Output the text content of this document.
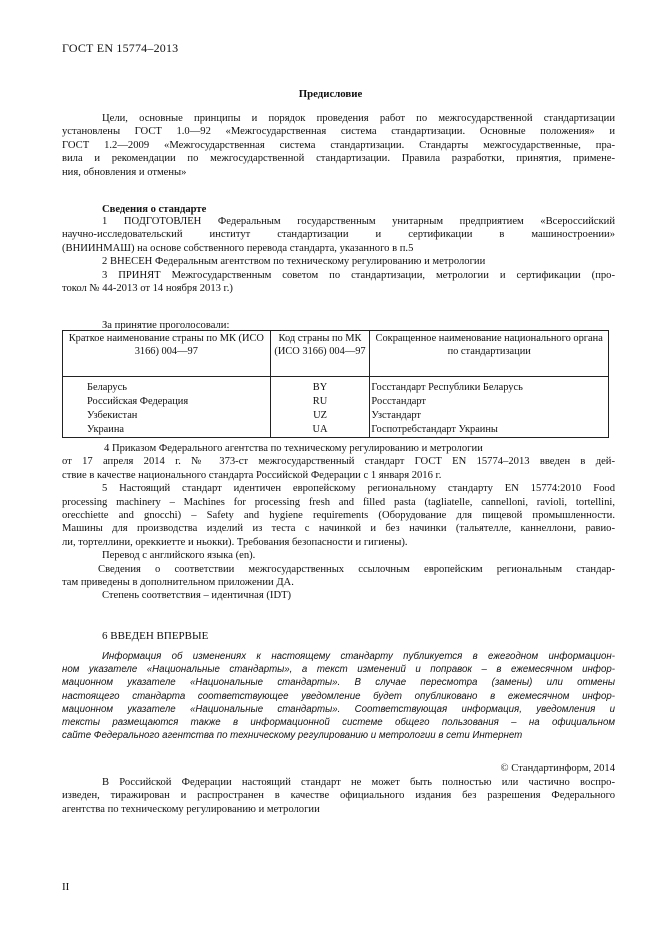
ГОСТ EN 15774–2013
Предисловие
Цели, основные принципы и порядок проведения работ по межгосударственной стандартизации
установлены ГОСТ 1.0—92 «Межгосударственная система стандартизации. Основные положения» и
ГОСТ 1.2—2009 «Межгосударственная система стандартизации. Стандарты межгосударственные, пра-
вила и рекомендации по межгосударственной стандартизации. Правила разработки, принятия, примене-
ния, обновления и отмены»
Сведения о стандарте
1 ПОДГОТОВЛЕН Федеральным государственным унитарным предприятием «Всероссийский
научно-исследовательский институт стандартизации и сертификации в машиностроении»
(ВНИИНМАШ) на основе собственного перевода стандарта, указанного в п.5
2 ВНЕСЕН Федеральным агентством по техническому регулированию и метрологии
3 ПРИНЯТ Межгосударственным советом по стандартизации, метрологии и сертификации (про-
токол № 44-2013 от 14 ноября 2013 г.)
За принятие проголосовали:
Краткое наименование страны по МК (ИСО 3166) 004—97	Код страны по МК (ИСО 3166) 004—97	Сокращенное наименование национального органа по стандартизации
Беларусь	BY	Госстандарт Республики Беларусь
Российская Федерация	RU	Росстандарт
Узбекистан	UZ	Узстандарт
Украина	UA	Госпотребстандарт Украины
4 Приказом Федерального агентства по техническому регулированию и метрологии
от 17 апреля 2014 г. № 373-ст межгосударственный стандарт ГОСТ EN 15774–2013 введен в дей-
ствие в качестве национального стандарта Российской Федерации с 1 января 2016 г.
5 Настоящий стандарт идентичен европейскому региональному стандарту EN 15774:2010 Food
processing machinery – Machines for processing fresh and filled pasta (tagliatelle, cannelloni, ravioli, tortellini,
orecchiette and gnocchi) – Safety and hygiene requirements (Оборудование для пищевой промышленности.
Машины для производства изделий из теста с начинкой и без начинки (тальятелле, каннеллони, равио-
ли, тортеллини, ореккиетте и ньокки). Требования безопасности и гигиены).
Перевод с английского языка (en).
Сведения о соответствии межгосударственных ссылочным европейским региональным стандар-
там приведены в дополнительном приложении ДА.
Степень соответствия – идентичная (IDT)
6 ВВЕДЕН ВПЕРВЫЕ
Информация об изменениях к настоящему стандарту публикуется в ежегодном информацион-
ном указателе «Национальные стандарты», а текст изменений и поправок – в ежемесячном инфор-
мационном указателе «Национальные стандарты». В случае пересмотра (замены) или отмены
настоящего стандарта соответствующее уведомление будет опубликовано в ежемесячном инфор-
мационном указателе «Национальные стандарты». Соответствующая информация, уведомления и
тексты размещаются также в информационной системе общего пользования – на официальном
сайте Федерального агентства по техническому регулированию и метрологии в сети Интернет
© Стандартинформ, 2014
В Российской Федерации настоящий стандарт не может быть полностью или частично воспро-
изведен, тиражирован и распространен в качестве официального издания без разрешения Федерального
агентства по техническому регулированию и метрологии
II
